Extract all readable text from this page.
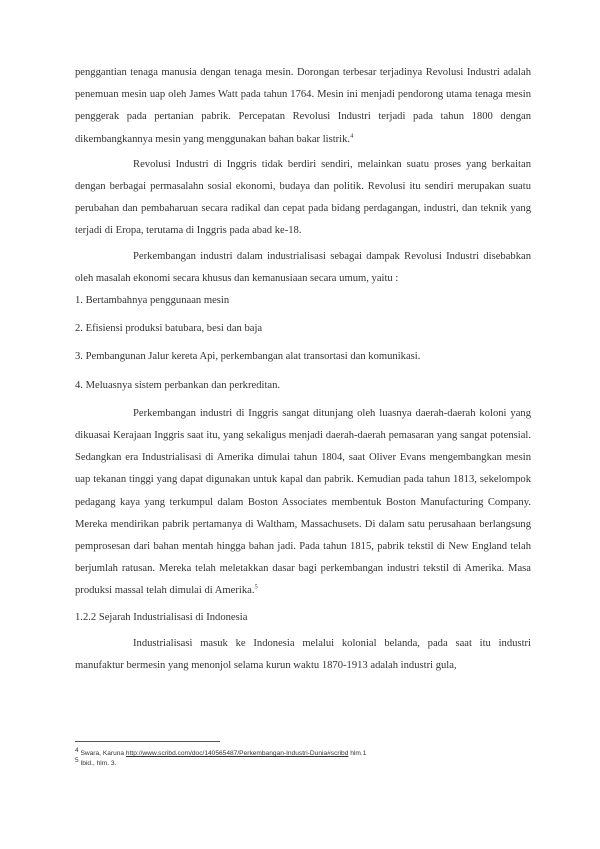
penggantian tenaga manusia dengan tenaga mesin. Dorongan terbesar terjadinya Revolusi Industri adalah penemuan mesin uap oleh James Watt pada tahun 1764. Mesin ini menjadi pendorong utama tenaga mesin penggerak pada pertanian pabrik. Percepatan Revolusi Industri terjadi pada tahun 1800 dengan dikembangkannya mesin yang menggunakan bahan bakar listrik.$^4$

Revolusi Industri di Inggris tidak berdiri sendiri, melainkan suatu proses yang berkaitan dengan berbagai permasalahn sosial ekonomi, budaya dan politik. Revolusi itu sendiri merupakan suatu perubahan dan pembaharuan secara radikal dan cepat pada bidang perdagangan, industri, dan teknik yang terjadi di Eropa, terutama di Inggris pada abad ke-18.

Perkembangan industri dalam industrialisasi sebagai dampak Revolusi Industri disebabkan oleh masalah ekonomi secara khusus dan kemanusiaan secara umum, yaitu :

1. Bertambahnya penggunaan mesin
2. Efisiensi produksi batubara, besi dan baja
3. Pembangunan Jalur kereta Api, perkembangan alat transortasi dan komunikasi.
4. Meluasnya sistem perbankan dan perkreditan.

Perkembangan industri di Inggris sangat ditunjang oleh luasnya daerah-daerah koloni yang dikuasai Kerajaan Inggris saat itu, yang sekaligus menjadi daerah-daerah pemasaran yang sangat potensial. Sedangkan era Industrialisasi di Amerika dimulai tahun 1804, saat Oliver Evans mengembangkan mesin uap tekanan tinggi yang dapat digunakan untuk kapal dan pabrik. Kemudian pada tahun 1813, sekelompok pedagang kaya yang terkumpul dalam Boston Associates membentuk Boston Manufacturing Company. Mereka mendirikan pabrik pertamanya di Waltham, Massachusets. Di dalam satu perusahaan berlangsung pemprosesan dari bahan mentah hingga bahan jadi. Pada tahun 1815, pabrik tekstil di New England telah berjumlah ratusan. Mereka telah meletakkan dasar bagi perkembangan industri tekstil di Amerika. Masa produksi massal telah dimulai di Amerika.$^5$

1.2.2 Sejarah Industrialisasi di Indonesia

Industrialisasi masuk ke Indonesia melalui kolonial belanda, pada saat itu industri manufaktur bermesin yang menonjol selama kurun waktu 1870-1913 adalah industri gula,

$^4$ Swara, Karuna http://www.scribd.com/doc/140565487/Perkembangan-Industri-Dunia#scribd hlm.1
$^5$ Ibid., hlm. 3.
